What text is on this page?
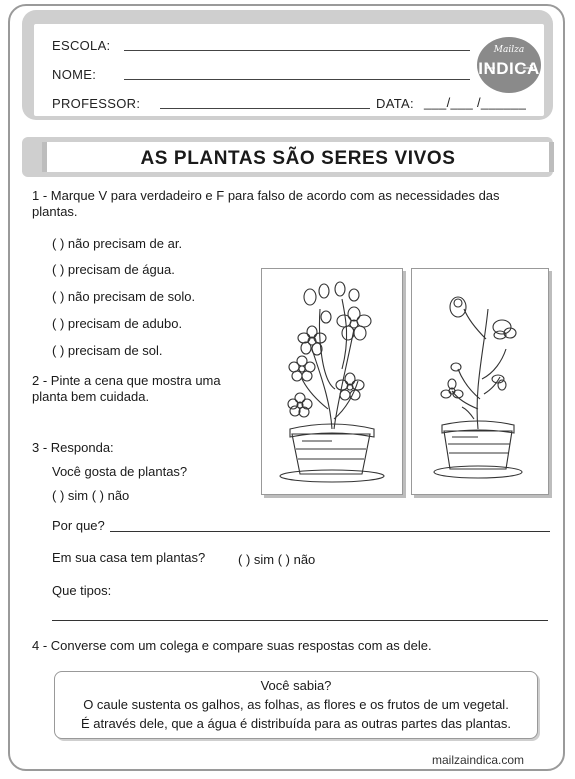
ESCOLA:
NOME:
PROFESSOR:	DATA: ___/___ /______
Mailza
INDICA
AS PLANTAS SÃO SERES VIVOS
1 - Marque V para verdadeiro e F para falso de acordo com as necessidades das plantas.
( ) não precisam de ar.
( ) precisam de água.
( ) não precisam de solo.
( ) precisam de adubo.
( ) precisam de sol.
2 - Pinte a cena que mostra uma planta bem cuidada.
3 - Responda:
Você gosta de plantas?
( ) sim ( ) não
Por que?
Em sua casa tem plantas?	( ) sim ( ) não
Que tipos:
4 - Converse com um colega e compare suas respostas com as dele.
Você sabia?
O caule sustenta os galhos, as folhas, as flores e os frutos de um vegetal.
É através dele, que a água é distribuída para as outras partes das plantas.
mailzaindica.com
